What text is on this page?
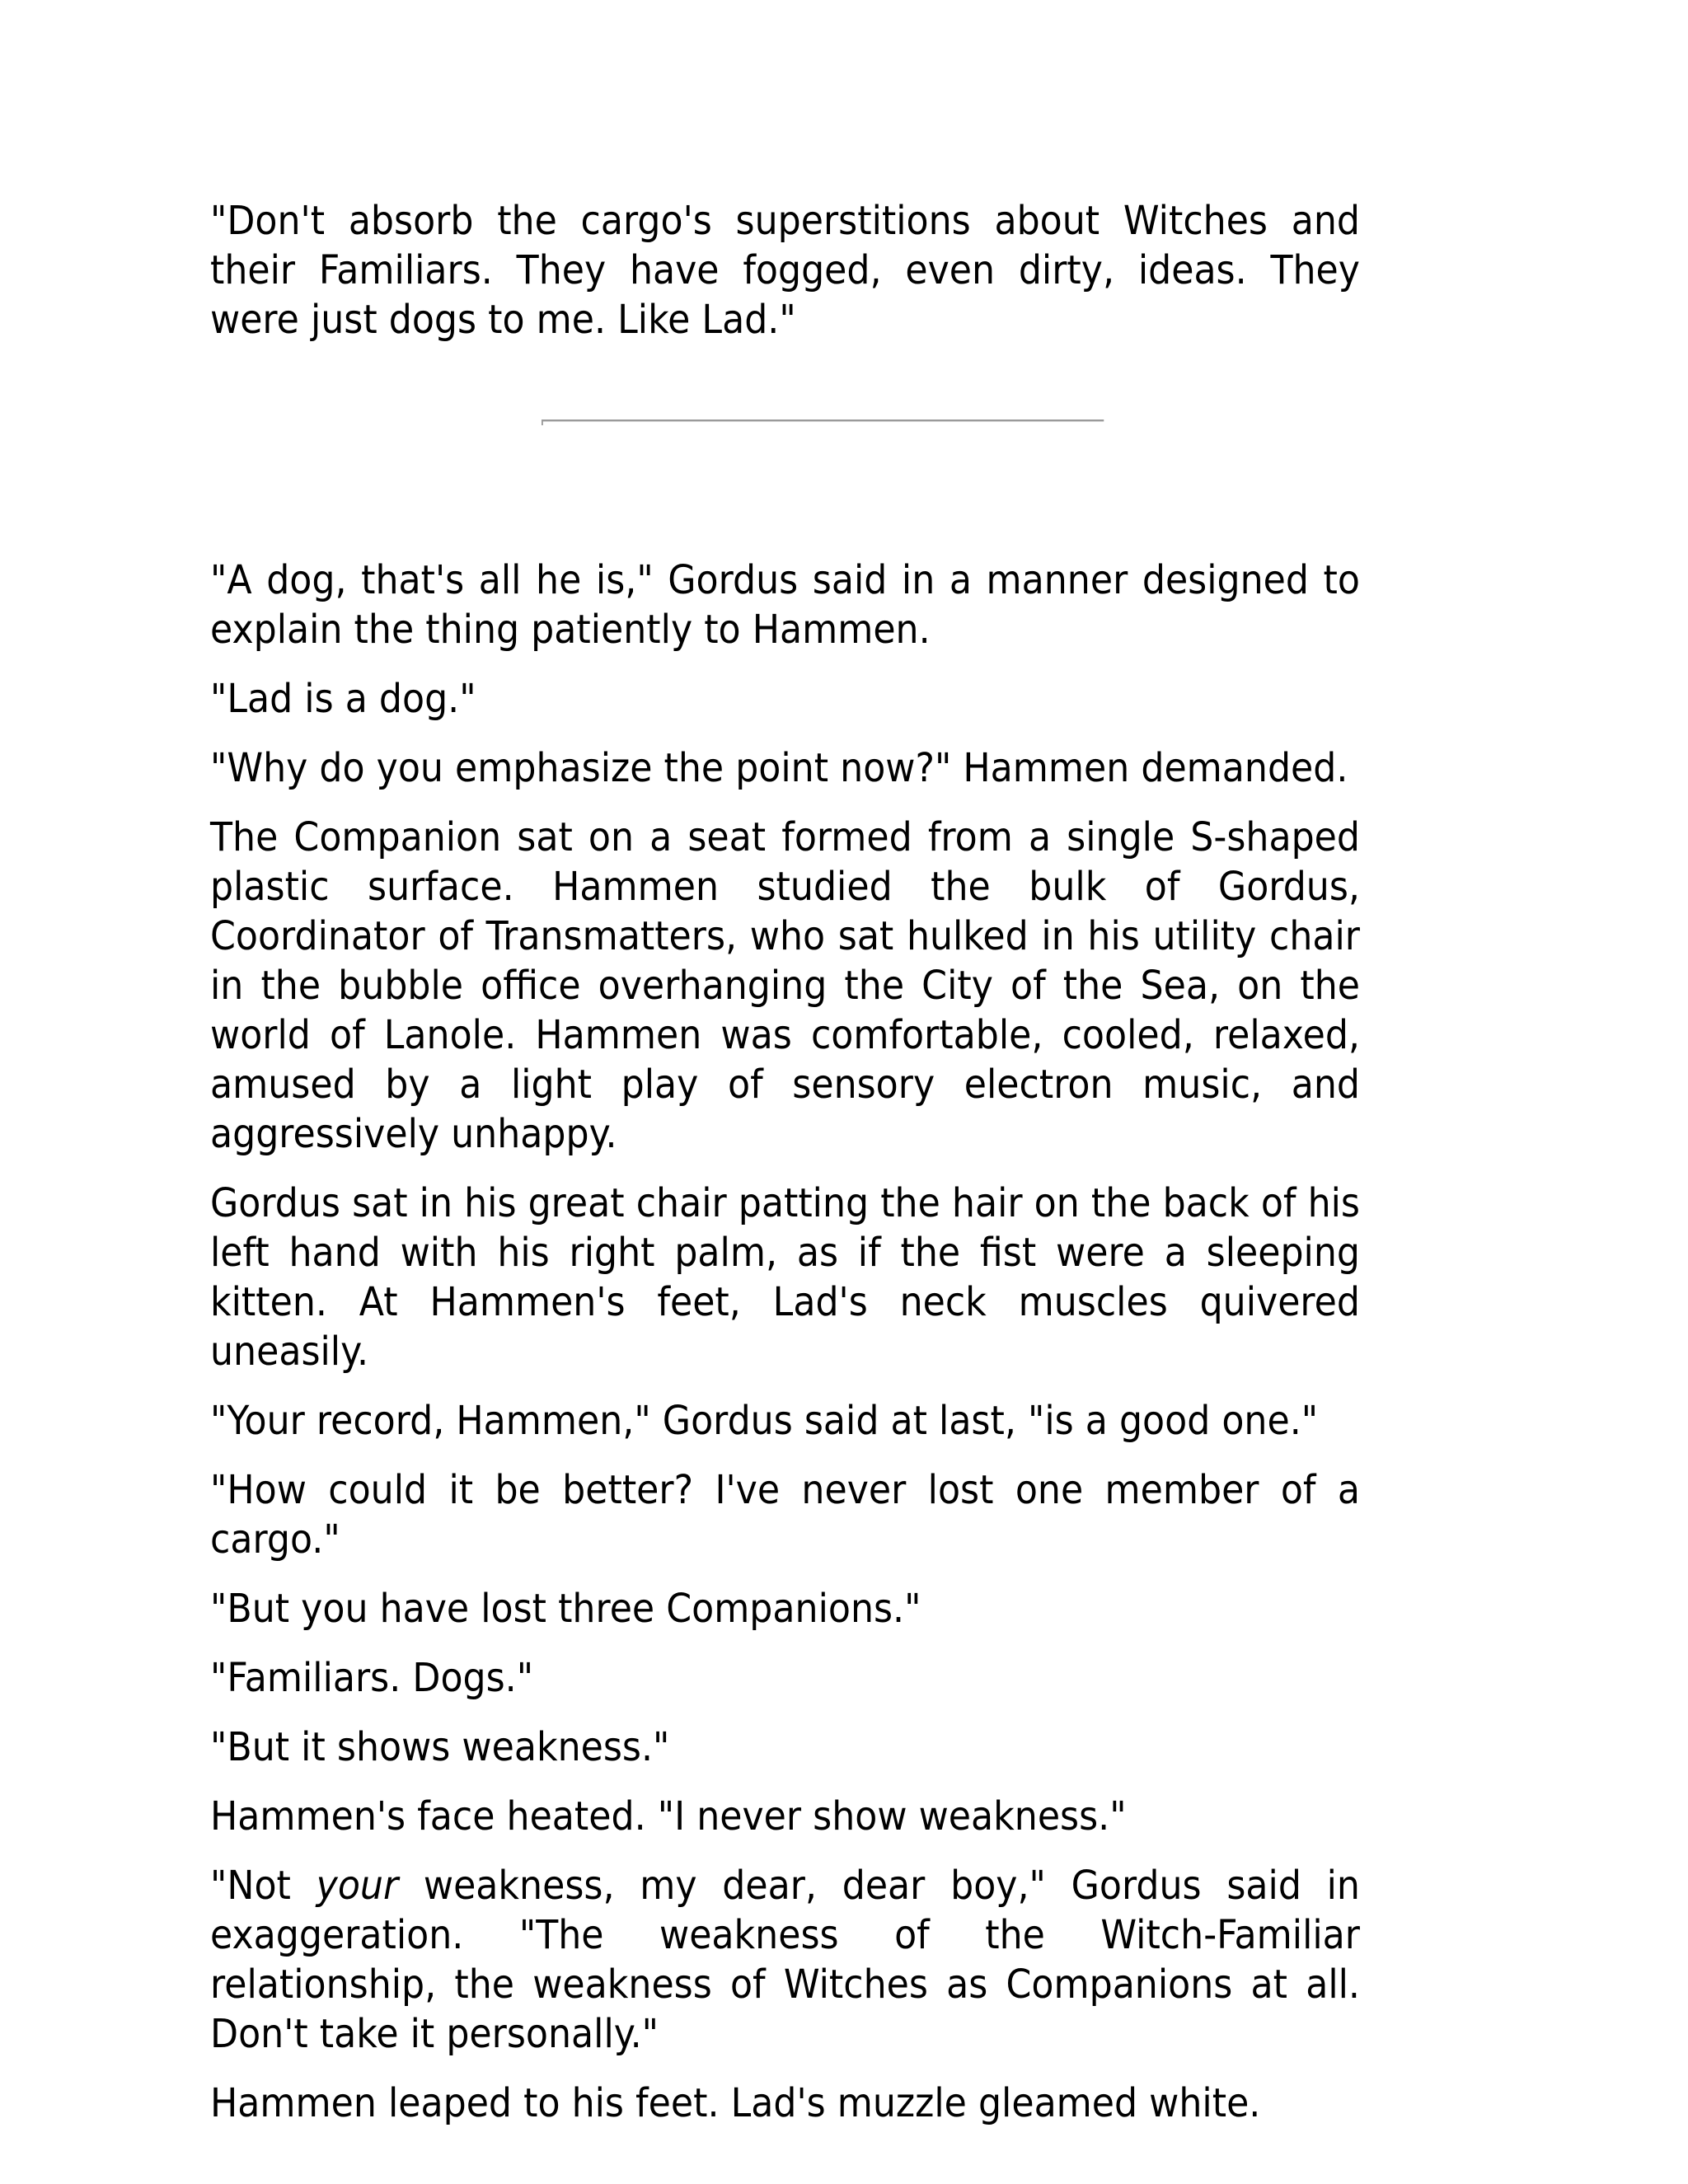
"Don't absorb the cargo's superstitions about Witches and their Familiars. They have fogged, even dirty, ideas. They were just dogs to me. Like Lad."

"A dog, that's all he is," Gordus said in a manner designed to explain the thing patiently to Hammen.

"Lad is a dog."

"Why do you emphasize the point now?" Hammen demanded.

The Companion sat on a seat formed from a single S-shaped plastic surface. Hammen studied the bulk of Gordus, Coordinator of Transmatters, who sat hulked in his utility chair in the bubble office overhanging the City of the Sea, on the world of Lanole. Hammen was comfortable, cooled, relaxed, amused by a light play of sensory electron music, and aggressively unhappy.

Gordus sat in his great chair patting the hair on the back of his left hand with his right palm, as if the fist were a sleeping kitten. At Hammen's feet, Lad's neck muscles quivered uneasily.

"Your record, Hammen," Gordus said at last, "is a good one."

"How could it be better? I've never lost one member of a cargo."

"But you have lost three Companions."

"Familiars. Dogs."

"But it shows weakness."

Hammen's face heated. "I never show weakness."

"Not your weakness, my dear, dear boy," Gordus said in exaggeration. "The weakness of the Witch-Familiar relationship, the weakness of Witches as Companions at all. Don't take it personally."

Hammen leaped to his feet. Lad's muzzle gleamed white.
